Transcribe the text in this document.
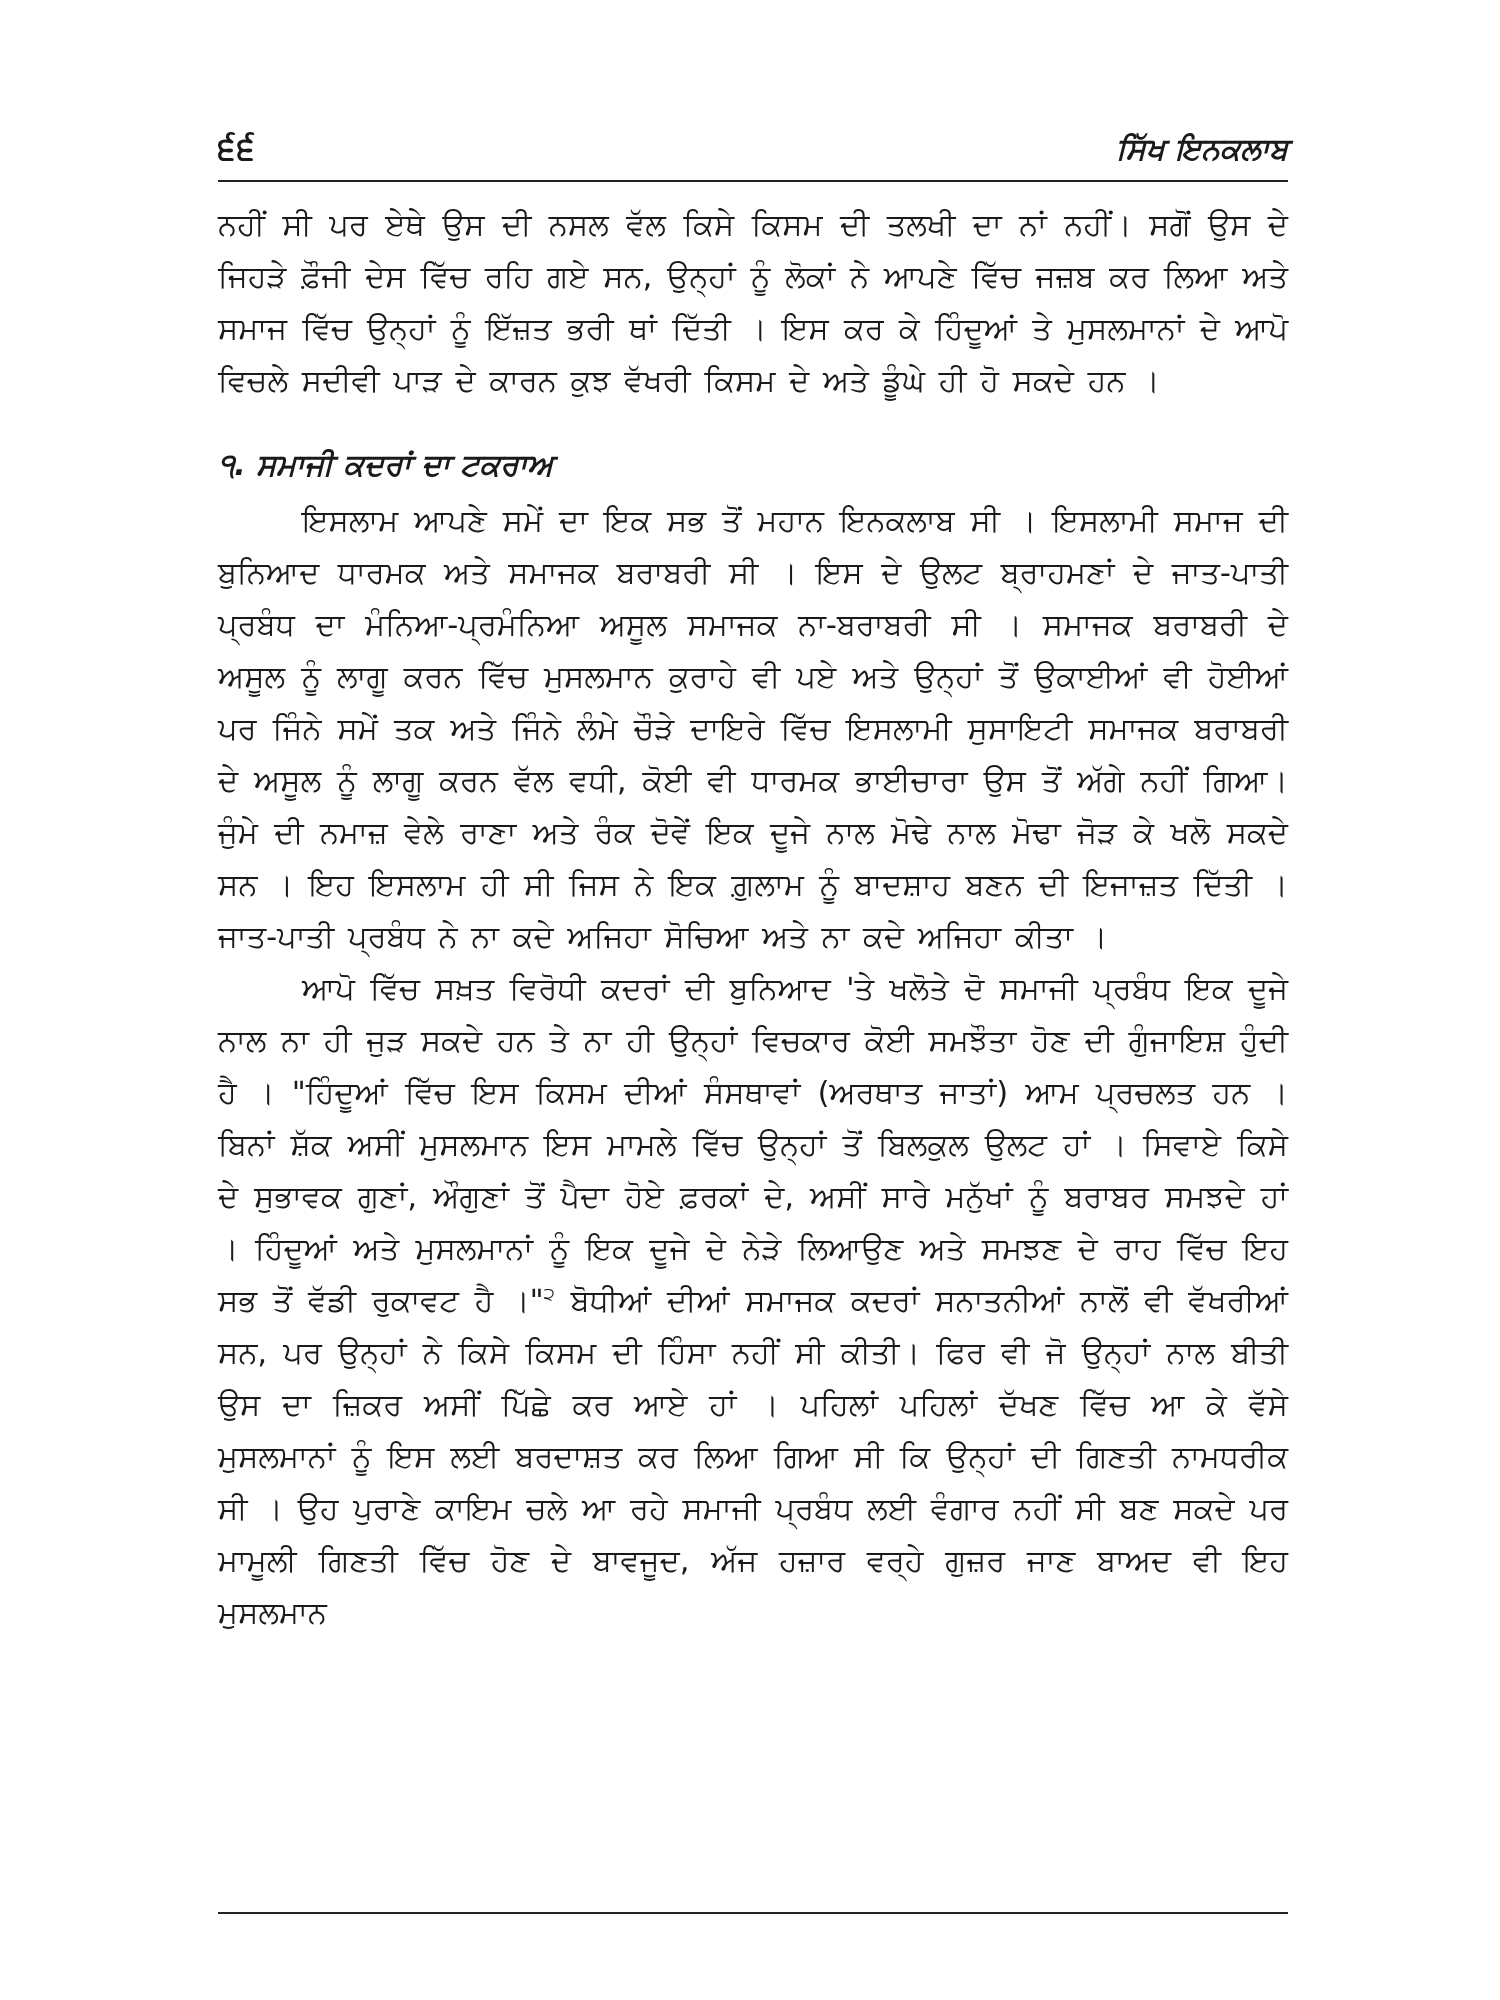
੬੬	ਸਿੱਖ ਇਨਕਲਾਬ

ਨਹੀਂ ਸੀ ਪਰ ਏਥੇ ਉਸ ਦੀ ਨਸਲ ਵੱਲ ਕਿਸੇ ਕਿਸਮ ਦੀ ਤਲਖੀ ਦਾ ਨਾਂ ਨਹੀਂ। ਸਗੋਂ ਉਸ ਦੇ ਜਿਹੜੇ ਫ਼ੌਜੀ ਦੇਸ ਵਿੱਚ ਰਹਿ ਗਏ ਸਨ, ਉਨ੍ਹਾਂ ਨੂੰ ਲੋਕਾਂ ਨੇ ਆਪਣੇ ਵਿੱਚ ਜਜ਼ਬ ਕਰ ਲਿਆ ਅਤੇ ਸਮਾਜ ਵਿੱਚ ਉਨ੍ਹਾਂ ਨੂੰ ਇੱਜ਼ਤ ਭਰੀ ਥਾਂ ਦਿੱਤੀ । ਇਸ ਕਰ ਕੇ ਹਿੰਦੂਆਂ ਤੇ ਮੁਸਲਮਾਨਾਂ ਦੇ ਆਪੋ ਵਿਚਲੇ ਸਦੀਵੀ ਪਾੜ ਦੇ ਕਾਰਨ ਕੁਝ ਵੱਖਰੀ ਕਿਸਮ ਦੇ ਅਤੇ ਡੂੰਘੇ ਹੀ ਹੋ ਸਕਦੇ ਹਨ ।

੧. ਸਮਾਜੀ ਕਦਰਾਂ ਦਾ ਟਕਰਾਅ

ਇਸਲਾਮ ਆਪਣੇ ਸਮੇਂ ਦਾ ਇਕ ਸਭ ਤੋਂ ਮਹਾਨ ਇਨਕਲਾਬ ਸੀ । ਇਸਲਾਮੀ ਸਮਾਜ ਦੀ ਬੁਨਿਆਦ ਧਾਰਮਕ ਅਤੇ ਸਮਾਜਕ ਬਰਾਬਰੀ ਸੀ । ਇਸ ਦੇ ਉਲਟ ਬ੍ਰਾਹਮਣਾਂ ਦੇ ਜਾਤ-ਪਾਤੀ ਪ੍ਰਬੰਧ ਦਾ ਮੰਨਿਆ-ਪ੍ਰਮੰਨਿਆ ਅਸੂਲ ਸਮਾਜਕ ਨਾ-ਬਰਾਬਰੀ ਸੀ । ਸਮਾਜਕ ਬਰਾਬਰੀ ਦੇ ਅਸੂਲ ਨੂੰ ਲਾਗੂ ਕਰਨ ਵਿੱਚ ਮੁਸਲਮਾਨ ਕੁਰਾਹੇ ਵੀ ਪਏ ਅਤੇ ਉਨ੍ਹਾਂ ਤੋਂ ਉਕਾਈਆਂ ਵੀ ਹੋਈਆਂ ਪਰ ਜਿੰਨੇ ਸਮੇਂ ਤਕ ਅਤੇ ਜਿੰਨੇ ਲੰਮੇ ਚੌੜੇ ਦਾਇਰੇ ਵਿੱਚ ਇਸਲਾਮੀ ਸੁਸਾਇਟੀ ਸਮਾਜਕ ਬਰਾਬਰੀ ਦੇ ਅਸੂਲ ਨੂੰ ਲਾਗੂ ਕਰਨ ਵੱਲ ਵਧੀ, ਕੋਈ ਵੀ ਧਾਰਮਕ ਭਾਈਚਾਰਾ ਉਸ ਤੋਂ ਅੱਗੇ ਨਹੀਂ ਗਿਆ। ਜੁੰਮੇ ਦੀ ਨਮਾਜ਼ ਵੇਲੇ ਰਾਣਾ ਅਤੇ ਰੰਕ ਦੋਵੇਂ ਇਕ ਦੂਜੇ ਨਾਲ ਮੋਢੇ ਨਾਲ ਮੋਢਾ ਜੋੜ ਕੇ ਖਲੋ ਸਕਦੇ ਸਨ । ਇਹ ਇਸਲਾਮ ਹੀ ਸੀ ਜਿਸ ਨੇ ਇਕ ਗ਼ੁਲਾਮ ਨੂੰ ਬਾਦਸ਼ਾਹ ਬਣਨ ਦੀ ਇਜਾਜ਼ਤ ਦਿੱਤੀ । ਜਾਤ-ਪਾਤੀ ਪ੍ਰਬੰਧ ਨੇ ਨਾ ਕਦੇ ਅਜਿਹਾ ਸੋਚਿਆ ਅਤੇ ਨਾ ਕਦੇ ਅਜਿਹਾ ਕੀਤਾ ।

ਆਪੋ ਵਿੱਚ ਸਖ਼ਤ ਵਿਰੋਧੀ ਕਦਰਾਂ ਦੀ ਬੁਨਿਆਦ 'ਤੇ ਖਲੋਤੇ ਦੋ ਸਮਾਜੀ ਪ੍ਰਬੰਧ ਇਕ ਦੂਜੇ ਨਾਲ ਨਾ ਹੀ ਜੁੜ ਸਕਦੇ ਹਨ ਤੇ ਨਾ ਹੀ ਉਨ੍ਹਾਂ ਵਿਚਕਾਰ ਕੋਈ ਸਮਝੌਤਾ ਹੋਣ ਦੀ ਗੁੰਜਾਇਸ਼ ਹੁੰਦੀ ਹੈ । "ਹਿੰਦੂਆਂ ਵਿੱਚ ਇਸ ਕਿਸਮ ਦੀਆਂ ਸੰਸਥਾਵਾਂ (ਅਰਥਾਤ ਜਾਤਾਂ) ਆਮ ਪ੍ਰਚਲਤ ਹਨ । ਬਿਨਾਂ ਸ਼ੱਕ ਅਸੀਂ ਮੁਸਲਮਾਨ ਇਸ ਮਾਮਲੇ ਵਿੱਚ ਉਨ੍ਹਾਂ ਤੋਂ ਬਿਲਕੁਲ ਉਲਟ ਹਾਂ । ਸਿਵਾਏ ਕਿਸੇ ਦੇ ਸੁਭਾਵਕ ਗੁਣਾਂ, ਔਗੁਣਾਂ ਤੋਂ ਪੈਦਾ ਹੋਏ ਫ਼ਰਕਾਂ ਦੇ, ਅਸੀਂ ਸਾਰੇ ਮਨੁੱਖਾਂ ਨੂੰ ਬਰਾਬਰ ਸਮਝਦੇ ਹਾਂ । ਹਿੰਦੂਆਂ ਅਤੇ ਮੁਸਲਮਾਨਾਂ ਨੂੰ ਇਕ ਦੂਜੇ ਦੇ ਨੇੜੇ ਲਿਆਉਣ ਅਤੇ ਸਮਝਣ ਦੇ ਰਾਹ ਵਿੱਚ ਇਹ ਸਭ ਤੋਂ ਵੱਡੀ ਰੁਕਾਵਟ ਹੈ ।"$^੨$ ਬੋਧੀਆਂ ਦੀਆਂ ਸਮਾਜਕ ਕਦਰਾਂ ਸਨਾਤਨੀਆਂ ਨਾਲੋਂ ਵੀ ਵੱਖਰੀਆਂ ਸਨ, ਪਰ ਉਨ੍ਹਾਂ ਨੇ ਕਿਸੇ ਕਿਸਮ ਦੀ ਹਿੰਸਾ ਨਹੀਂ ਸੀ ਕੀਤੀ। ਫਿਰ ਵੀ ਜੋ ਉਨ੍ਹਾਂ ਨਾਲ ਬੀਤੀ ਉਸ ਦਾ ਜ਼ਿਕਰ ਅਸੀਂ ਪਿੱਛੇ ਕਰ ਆਏ ਹਾਂ । ਪਹਿਲਾਂ ਪਹਿਲਾਂ ਦੱਖਣ ਵਿੱਚ ਆ ਕੇ ਵੱਸੇ ਮੁਸਲਮਾਨਾਂ ਨੂੰ ਇਸ ਲਈ ਬਰਦਾਸ਼ਤ ਕਰ ਲਿਆ ਗਿਆ ਸੀ ਕਿ ਉਨ੍ਹਾਂ ਦੀ ਗਿਣਤੀ ਨਾਮਧਰੀਕ ਸੀ । ਉਹ ਪੁਰਾਣੇ ਕਾਇਮ ਚਲੇ ਆ ਰਹੇ ਸਮਾਜੀ ਪ੍ਰਬੰਧ ਲਈ ਵੰਗਾਰ ਨਹੀਂ ਸੀ ਬਣ ਸਕਦੇ ਪਰ ਮਾਮੂਲੀ ਗਿਣਤੀ ਵਿੱਚ ਹੋਣ ਦੇ ਬਾਵਜੂਦ, ਅੱਜ ਹਜ਼ਾਰ ਵਰ੍ਹੇ ਗੁਜ਼ਰ ਜਾਣ ਬਾਅਦ ਵੀ ਇਹ ਮੁਸਲਮਾਨ
